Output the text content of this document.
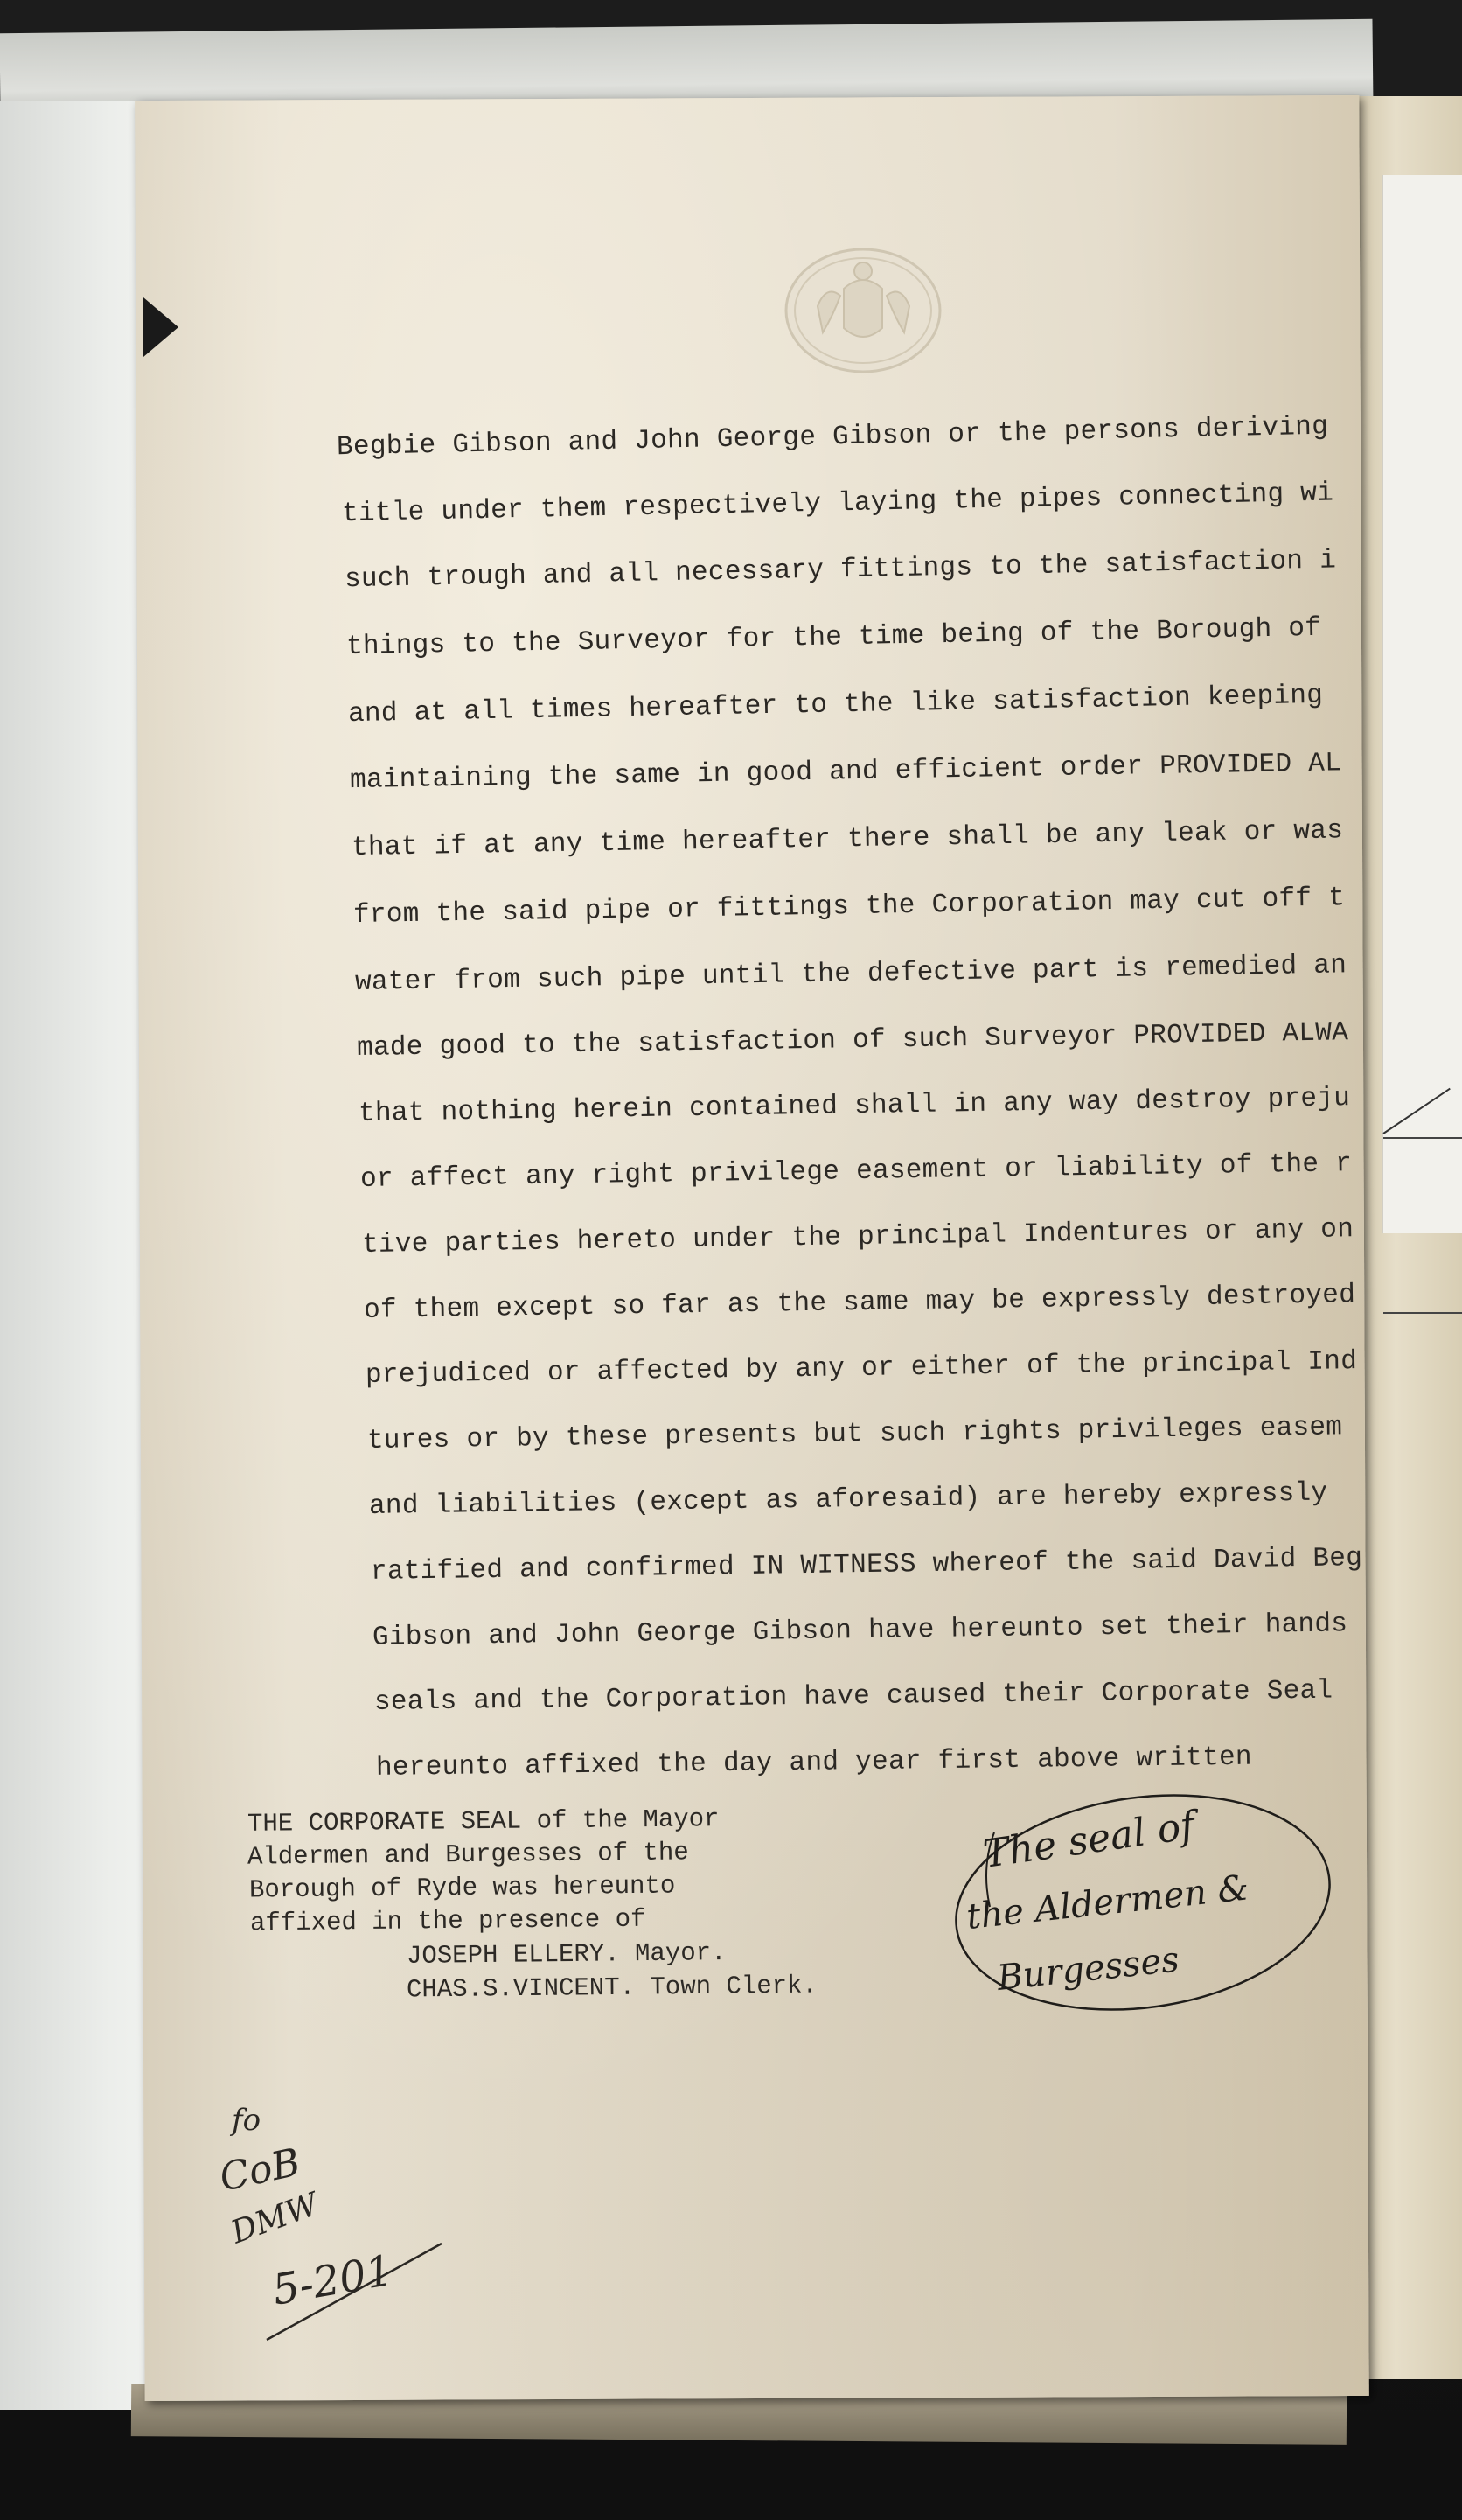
Begbie Gibson and John George Gibson or the persons deriving
title under them respectively laying the pipes connecting wi
such trough and all necessary fittings to the satisfaction i
things to the Surveyor for the time being of the Borough of
and at all times hereafter to the like satisfaction keeping
maintaining the same in good and efficient order PROVIDED AL
that if at any time hereafter there shall be any leak or was
from the said pipe or fittings the Corporation may cut off t
water from such pipe until the defective part is remedied an
made good to the satisfaction of such Surveyor PROVIDED ALWA
that nothing herein contained shall in any way destroy preju
or affect any right privilege easement or liability of the r
tive parties hereto under the principal Indentures or any on
of them except so far as the same may be expressly destroyed
prejudiced or affected by any or either of the principal Ind
tures or by these presents but such rights privileges easem
and liabilities (except as aforesaid) are hereby expressly
ratified and confirmed IN WITNESS whereof the said David Beg
Gibson and John George Gibson have hereunto set their hands
seals and the Corporation have caused their Corporate Seal
hereunto affixed the day and year first above written
THE CORPORATE SEAL of the Mayor
Aldermen and Burgesses of the
Borough of Ryde was hereunto
affixed in the presence of
JOSEPH ELLERY. Mayor.
CHAS.S.VINCENT. Town Clerk.
The seal of
the Aldermen &
Burgesses
fo
CoB
DMW
5-201
